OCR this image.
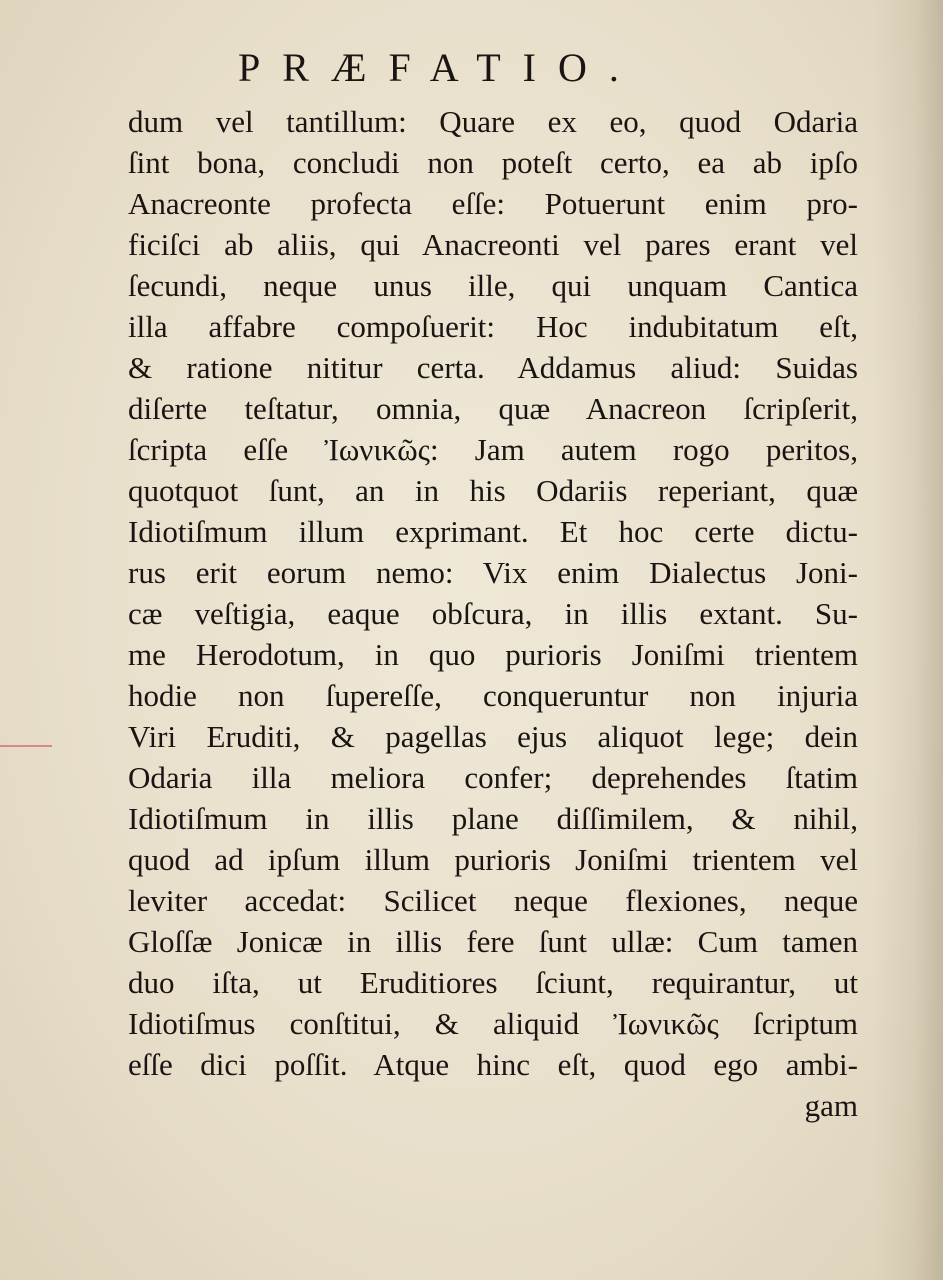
PRÆFATIO.
dum vel tantillum: Quare ex eo, quod Odaria
ſint bona, concludi non poteſt certo, ea ab ipſo
Anacreonte profecta eſſe: Potuerunt enim pro-
ficiſci ab aliis, qui Anacreonti vel pares erant vel
ſecundi, neque unus ille, qui unquam Cantica
illa affabre compoſuerit: Hoc indubitatum eſt,
& ratione nititur certa. Addamus aliud: Suidas
diſerte teſtatur, omnia, quæ Anacreon ſcripſerit,
ſcripta eſſe Ἰωνικῶς: Jam autem rogo peritos,
quotquot ſunt, an in his Odariis reperiant, quæ
Idiotiſmum illum exprimant. Et hoc certe dictu-
rus erit eorum nemo: Vix enim Dialectus Joni-
cæ veſtigia, eaque obſcura, in illis extant. Su-
me Herodotum, in quo purioris Joniſmi trientem
hodie non ſupereſſe, conqueruntur non injuria
Viri Eruditi, & pagellas ejus aliquot lege; dein
Odaria illa meliora confer; deprehendes ſtatim
Idiotiſmum in illis plane diſſimilem, & nihil,
quod ad ipſum illum purioris Joniſmi trientem vel
leviter accedat: Scilicet neque flexiones, neque
Gloſſæ Jonicæ in illis fere ſunt ullæ: Cum tamen
duo iſta, ut Eruditiores ſciunt, requirantur, ut
Idiotiſmus conſtitui, & aliquid Ἰωνικῶς ſcriptum
eſſe dici poſſit. Atque hinc eſt, quod ego ambi-
gam
